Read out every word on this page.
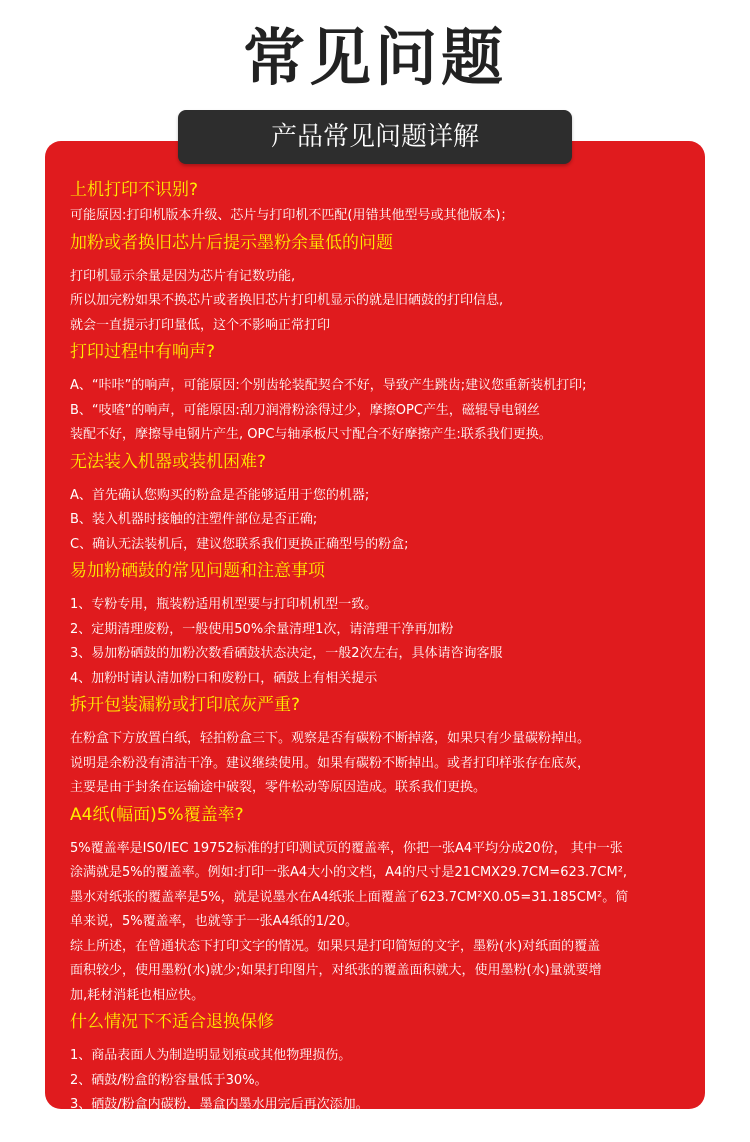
常见问题
产品常见问题详解

上机打印不识别?

可能原因:打印机版本升级、芯片与打印机不匹配(用错其他型号或其他版本)；

加粉或者换旧芯片后提示墨粉余量低的问题

打印机显示余量是因为芯片有记数功能,

所以加完粉如果不换芯片或者换旧芯片打印机显示的就是旧硒鼓的打印信息,

就会一直提示打印量低，这个不影响正常打印

打印过程中有响声?

A、“咔咔”的响声，可能原因:个别齿轮装配契合不好，导致产生跳齿;建议您重新装机打印;

B、“吱喳”的响声，可能原因:刮刀润滑粉涂得过少，摩擦OPC产生，磁辊导电钢丝

装配不好，摩擦导电钢片产生, OPC与轴承板尺寸配合不好摩擦产生:联系我们更换。

无法装入机器或装机困难?

A、首先确认您购买的粉盒是否能够适用于您的机器;

B、装入机器时接触的注塑件部位是否正确;

C、确认无法装机后，建议您联系我们更换正确型号的粉盒;

易加粉硒鼓的常见问题和注意事项

1、专粉专用，瓶装粉适用机型要与打印机机型一致。

2、定期清理废粉，一般使用50%余量清理1次，请清理干净再加粉

3、易加粉硒鼓的加粉次数看硒鼓状态决定，一般2次左右，具体请咨询客服

4、加粉时请认清加粉口和废粉口，硒鼓上有相关提示

拆开包装漏粉或打印底灰严重?

在粉盒下方放置白纸，轻拍粉盒三下。观察是否有碳粉不断掉落，如果只有少量碳粉掉出。

说明是余粉没有清洁干净。建议继续使用。如果有碳粉不断掉出。或者打印样张存在底灰，

主要是由于封条在运输途中破裂，零件松动等原因造成。联系我们更换。

A4纸(幅面)5%覆盖率?

5%覆盖率是IS0/IEC 19752标准的打印测试页的覆盖率，你把一张A4平均分成20份， 其中一张

涂满就是5%的覆盖率。例如:打印一张A4大小的文档，A4的尺寸是21CMX29.7CM=623.7CM²,

墨水对纸张的覆盖率是5%，就是说墨水在A4纸张上面覆盖了623.7CM²X0.05=31.185CM²。简

单来说，5%覆盖率，也就等于一张A4纸的1/20。

综上所述，在曾通状态下打印文字的情况。如果只是打印简短的文字，墨粉(水)对纸面的覆盖

面积较少，使用墨粉(水)就少;如果打印图片，对纸张的覆盖面积就大，使用墨粉(水)量就要增

加,耗材消耗也相应快。

什么情况下不适合退换保修

1、商品表面人为制造明显划痕或其他物理损伤。

2、硒鼓/粉盒的粉容量低于30%。

3、硒鼓/粉盒内碳粉，墨盒内墨水用完后再次添加。

4、非本公司的产品不予退换。
